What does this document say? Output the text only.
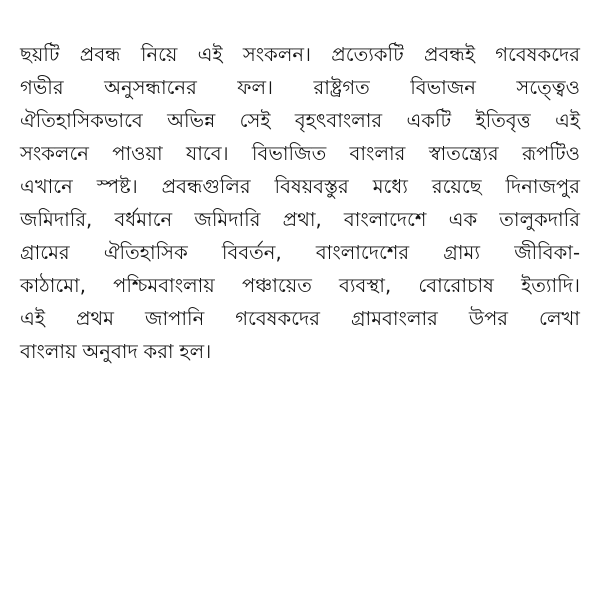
ছয়টি প্রবন্ধ নিয়ে এই সংকলন। প্রত্যেকটি প্রবন্ধই গবেষকদের
গভীর অনুসন্ধানের ফল। রাষ্ট্রগত বিভাজন সত্ত্বেও
ঐতিহাসিকভাবে অভিন্ন সেই বৃহৎবাংলার একটি ইতিবৃত্ত এই
সংকলনে পাওয়া যাবে। বিভাজিত বাংলার স্বাতন্ত্র্যের রূপটিও
এখানে স্পষ্ট। প্রবন্ধগুলির বিষয়বস্তুর মধ্যে রয়েছে দিনাজপুর
জমিদারি, বর্ধমানে জমিদারি প্রথা, বাংলাদেশে এক তালুকদারি
গ্রামের ঐতিহাসিক বিবর্তন, বাংলাদেশের গ্রাম্য জীবিকা-
কাঠামো, পশ্চিমবাংলায় পঞ্চায়েত ব্যবস্থা, বোরোচাষ ইত্যাদি।
এই প্রথম জাপানি গবেষকদের গ্রামবাংলার উপর লেখা
বাংলায় অনুবাদ করা হল।
